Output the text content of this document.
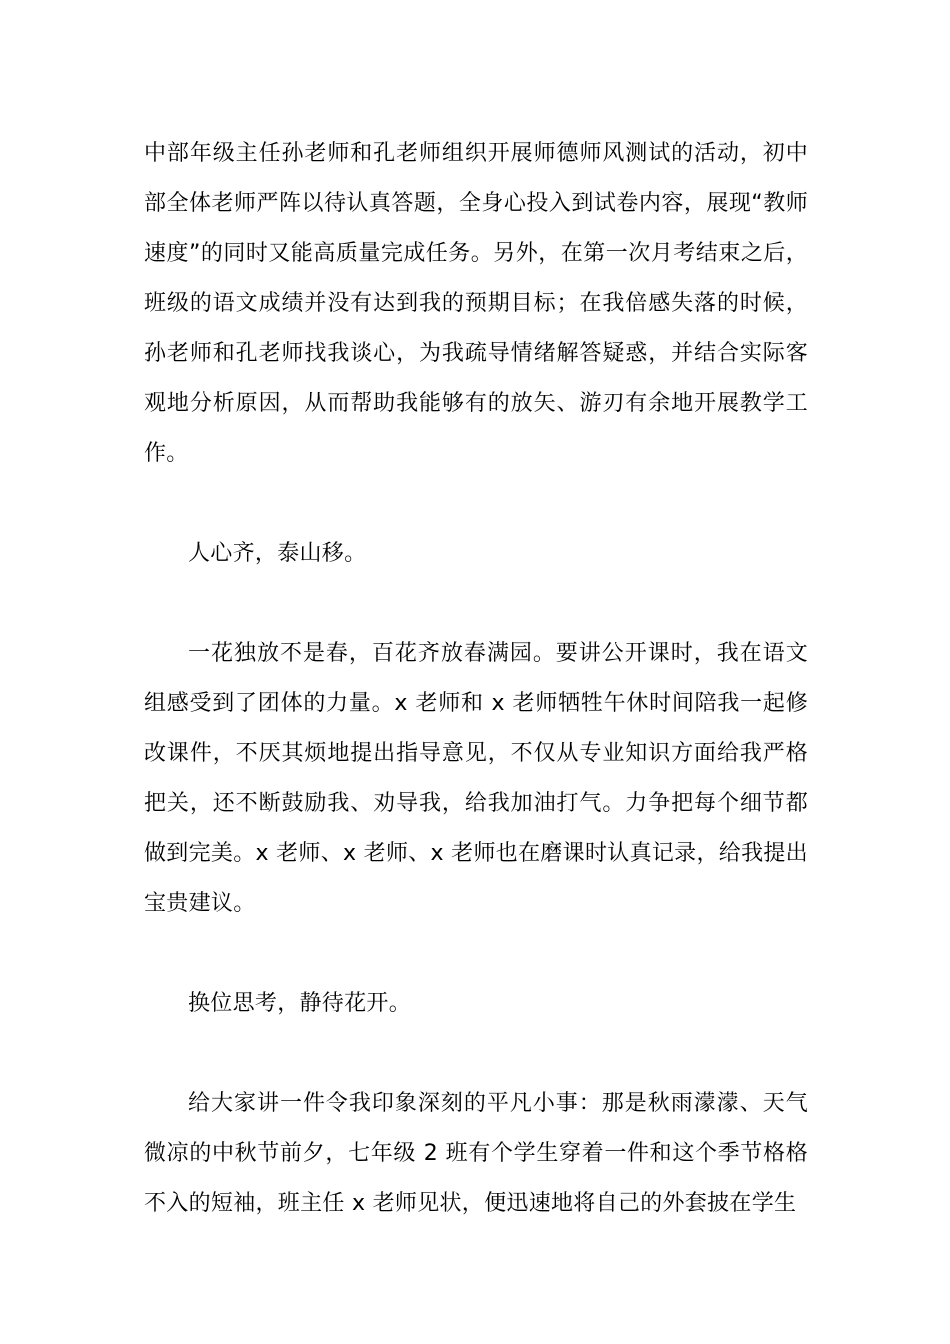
中部年级主任孙老师和孔老师组织开展师德师风测试的活动，初中部全体老师严阵以待认真答题，全身心投入到试卷内容，展现“教师速度”的同时又能高质量完成任务。另外，在第一次月考结束之后，班级的语文成绩并没有达到我的预期目标；在我倍感失落的时候，孙老师和孔老师找我谈心，为我疏导情绪解答疑惑，并结合实际客观地分析原因，从而帮助我能够有的放矢、游刃有余地开展教学工作。

人心齐，泰山移。

一花独放不是春，百花齐放春满园。要讲公开课时，我在语文组感受到了团体的力量。x 老师和 x 老师牺牲午休时间陪我一起修改课件，不厌其烦地提出指导意见，不仅从专业知识方面给我严格把关，还不断鼓励我、劝导我，给我加油打气。力争把每个细节都做到完美。x 老师、x 老师、x 老师也在磨课时认真记录，给我提出宝贵建议。

换位思考，静待花开。

给大家讲一件令我印象深刻的平凡小事：那是秋雨濛濛、天气微凉的中秋节前夕，七年级 2 班有个学生穿着一件和这个季节格格不入的短袖，班主任 x 老师见状，便迅速地将自己的外套披在学生
